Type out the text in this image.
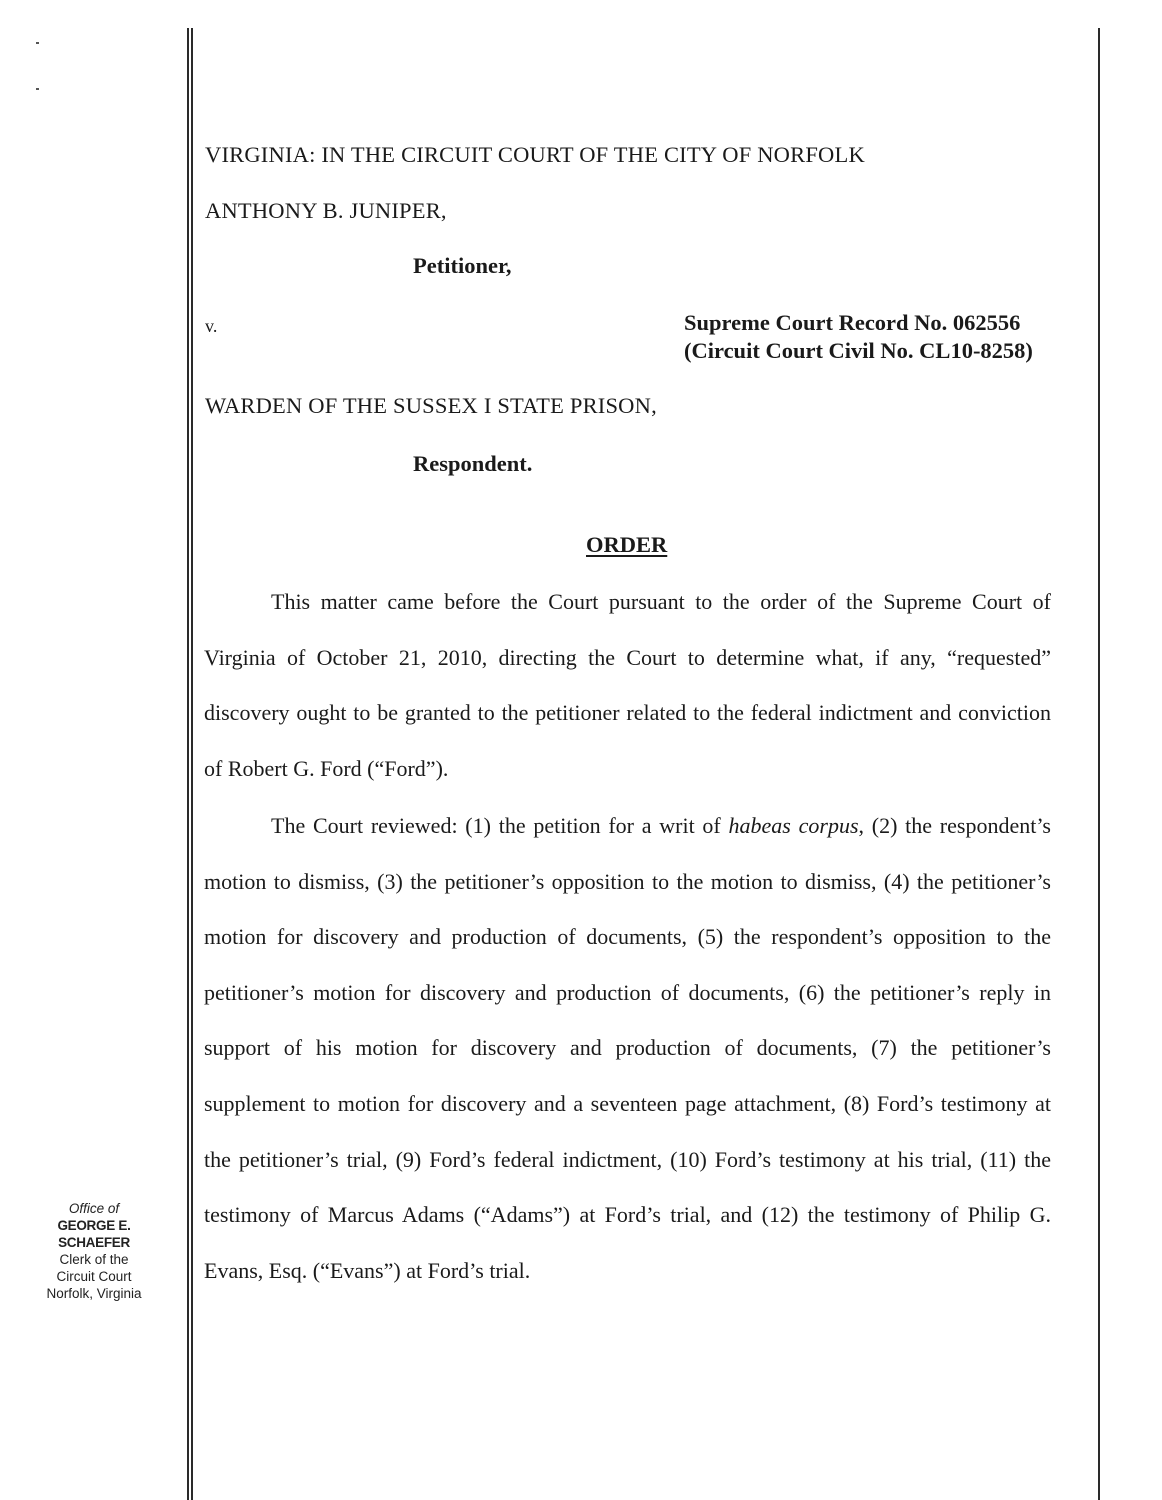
VIRGINIA: IN THE CIRCUIT COURT OF THE CITY OF NORFOLK
ANTHONY B. JUNIPER,
Petitioner,
v.	Supreme Court Record No. 062556
(Circuit Court Civil No. CL10-8258)
WARDEN OF THE SUSSEX I STATE PRISON,
Respondent.
ORDER
This matter came before the Court pursuant to the order of the Supreme Court of Virginia of October 21, 2010, directing the Court to determine what, if any, “requested” discovery ought to be granted to the petitioner related to the federal indictment and conviction of Robert G. Ford (“Ford”).
The Court reviewed: (1) the petition for a writ of habeas corpus, (2) the respondent’s motion to dismiss, (3) the petitioner’s opposition to the motion to dismiss, (4) the petitioner’s motion for discovery and production of documents, (5) the respondent’s opposition to the petitioner’s motion for discovery and production of documents, (6) the petitioner’s reply in support of his motion for discovery and production of documents, (7) the petitioner’s supplement to motion for discovery and a seventeen page attachment, (8) Ford’s testimony at the petitioner’s trial, (9) Ford’s federal indictment, (10) Ford’s testimony at his trial, (11) the testimony of Marcus Adams (“Adams”) at Ford’s trial, and (12) the testimony of Philip G. Evans, Esq. (“Evans”) at Ford’s trial.
Office of
GEORGE E. SCHAEFER
Clerk of the
Circuit Court
Norfolk, Virginia
